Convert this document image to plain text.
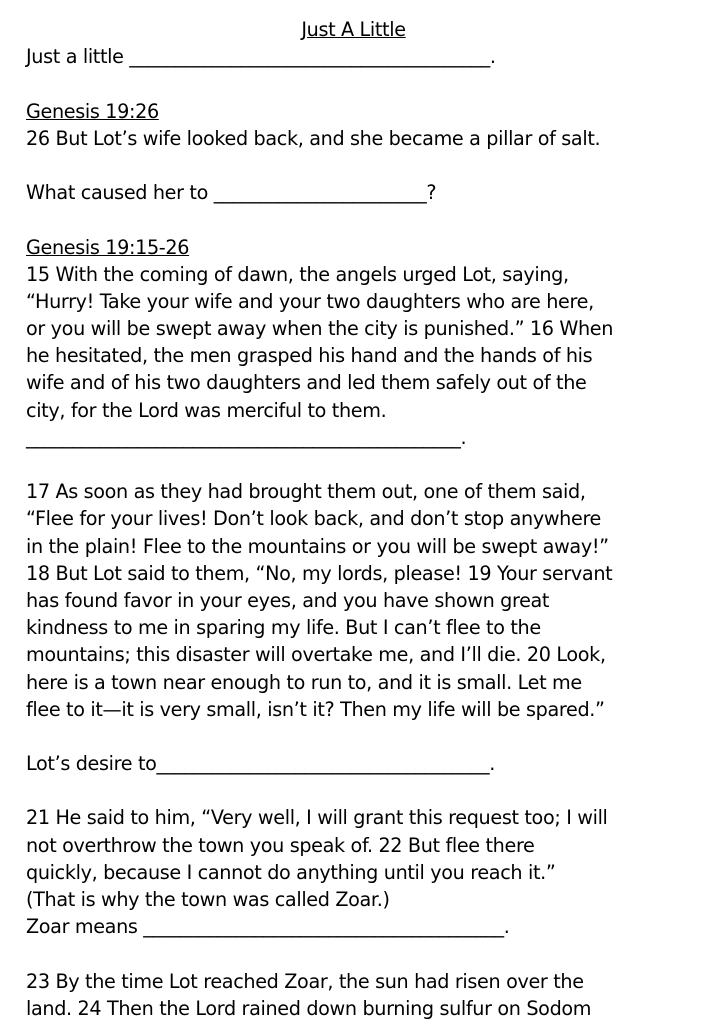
Just A Little
Just a little _______________________________________.
Genesis 19:26
26 But Lot’s wife looked back, and she became a pillar of salt.
What caused her to _______________________?
Genesis 19:15-26
15 With the coming of dawn, the angels urged Lot, saying,
“Hurry! Take your wife and your two daughters who are here,
or you will be swept away when the city is punished.” 16 When
he hesitated, the men grasped his hand and the hands of his
wife and of his two daughters and led them safely out of the
city, for the Lord was merciful to them.
_______________________________________________.
17 As soon as they had brought them out, one of them said,
“Flee for your lives! Don’t look back, and don’t stop anywhere
in the plain! Flee to the mountains or you will be swept away!”
18 But Lot said to them, “No, my lords, please! 19 Your servant
has found favor in your eyes, and you have shown great
kindness to me in sparing my life. But I can’t flee to the
mountains; this disaster will overtake me, and I’ll die. 20 Look,
here is a town near enough to run to, and it is small. Let me
flee to it—it is very small, isn’t it? Then my life will be spared.”
Lot’s desire to____________________________________.
21 He said to him, “Very well, I will grant this request too; I will
not overthrow the town you speak of. 22 But flee there
quickly, because I cannot do anything until you reach it.”
(That is why the town was called Zoar.)
Zoar means _______________________________________.
23 By the time Lot reached Zoar, the sun had risen over the
land. 24 Then the Lord rained down burning sulfur on Sodom
